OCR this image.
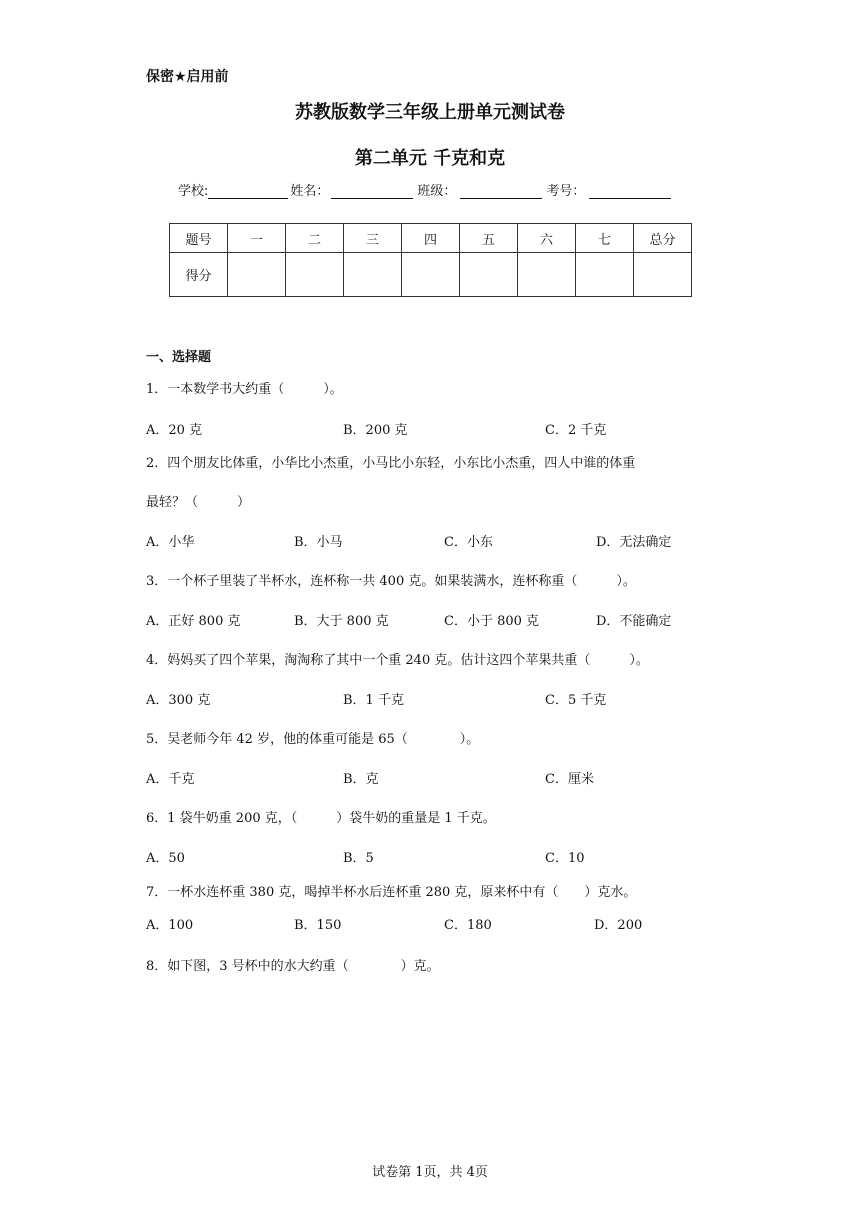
保密★启用前
苏教版数学三年级上册单元测试卷
第二单元 千克和克
学校:	姓名：	班级：	考号：
题号	一	二	三	四	五	六	七	总分
得分								
一、选择题
1．一本数学书大约重（　　　）。
A．20 克	B．200 克	C．2 千克
2．四个朋友比体重，小华比小杰重，小马比小东轻，小东比小杰重，四人中谁的体重
最轻？（　　　）
A．小华	B．小马	C．小东	D．无法确定
3．一个杯子里装了半杯水，连杯称一共 400 克。如果装满水，连杯称重（　　　）。
A．正好 800 克	B．大于 800 克	C．小于 800 克	D．不能确定
4．妈妈买了四个苹果，淘淘称了其中一个重 240 克。估计这四个苹果共重（　　　）。
A．300 克	B．1 千克	C．5 千克
5．吴老师今年 42 岁，他的体重可能是 65（　　　　）。
A．千克	B．克	C．厘米
6．1 袋牛奶重 200 克，（　　　）袋牛奶的重量是 1 千克。
A．50	B．5	C．10
7．一杯水连杯重 380 克，喝掉半杯水后连杯重 280 克，原来杯中有（　　）克水。
A．100	B．150	C．180	D．200
8．如下图，3 号杯中的水大约重（　　　　）克。
试卷第 1页，共 4页
